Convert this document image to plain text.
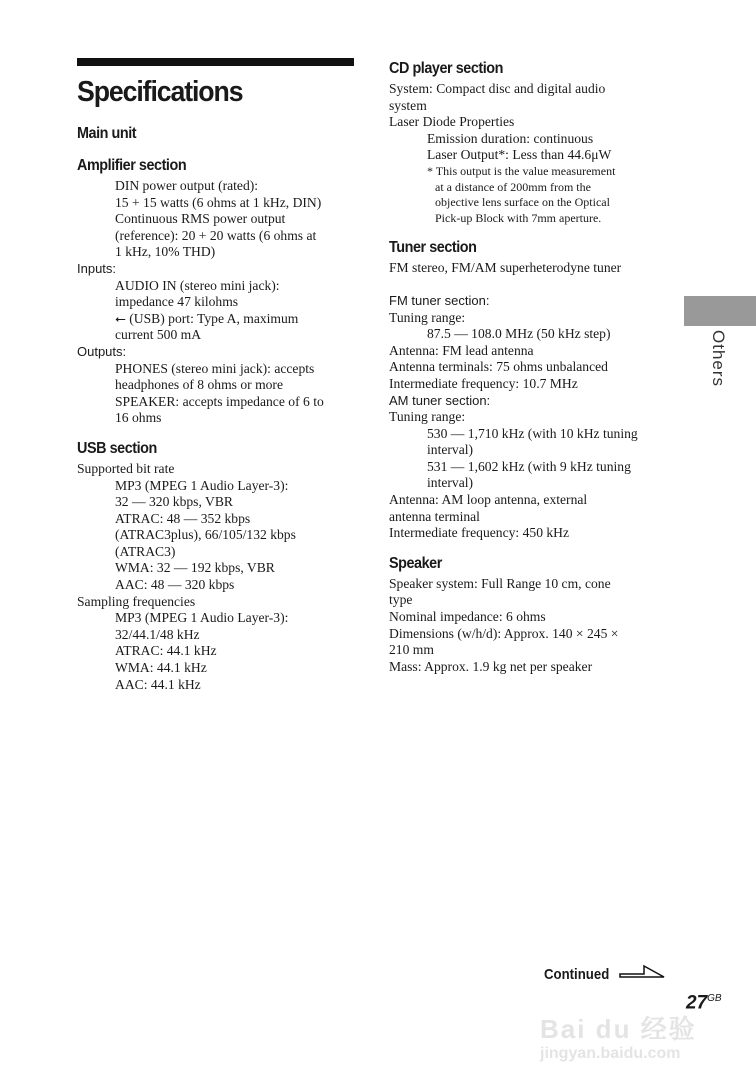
Specifications
Main unit
Amplifier section
DIN power output (rated):
15 + 15 watts (6 ohms at 1 kHz, DIN)
Continuous RMS power output
(reference): 20 + 20 watts (6 ohms at
1 kHz, 10% THD)
Inputs:
AUDIO IN (stereo mini jack):
impedance 47 kilohms
⭠ (USB) port: Type A, maximum
current 500 mA
Outputs:
PHONES (stereo mini jack): accepts
headphones of 8 ohms or more
SPEAKER: accepts impedance of 6 to
16 ohms
USB section
Supported bit rate
MP3 (MPEG 1 Audio Layer-3):
32 — 320 kbps, VBR
ATRAC: 48 — 352 kbps
(ATRAC3plus), 66/105/132 kbps
(ATRAC3)
WMA: 32 — 192 kbps, VBR
AAC: 48 — 320 kbps
Sampling frequencies
MP3 (MPEG 1 Audio Layer-3):
32/44.1/48 kHz
ATRAC: 44.1 kHz
WMA: 44.1 kHz
AAC: 44.1 kHz
CD player section
System: Compact disc and digital audio
system
Laser Diode Properties
Emission duration: continuous
Laser Output*: Less than 44.6μW
* This output is the value measurement
at a distance of 200mm from the
objective lens surface on the Optical
Pick-up Block with 7mm aperture.
Tuner section
FM stereo, FM/AM superheterodyne tuner
FM tuner section:
Tuning range:
87.5 — 108.0 MHz (50 kHz step)
Antenna: FM lead antenna
Antenna terminals: 75 ohms unbalanced
Intermediate frequency: 10.7 MHz
AM tuner section:
Tuning range:
530 — 1,710 kHz (with 10 kHz tuning
interval)
531 — 1,602 kHz (with 9 kHz tuning
interval)
Antenna: AM loop antenna, external
antenna terminal
Intermediate frequency: 450 kHz
Speaker
Speaker system: Full Range 10 cm, cone
type
Nominal impedance: 6 ohms
Dimensions (w/h/d): Approx. 140 × 245 ×
210 mm
Mass: Approx. 1.9 kg net per speaker
Others
Continued
$27^{GB}$
Bai du 经验
jingyan.baidu.com
